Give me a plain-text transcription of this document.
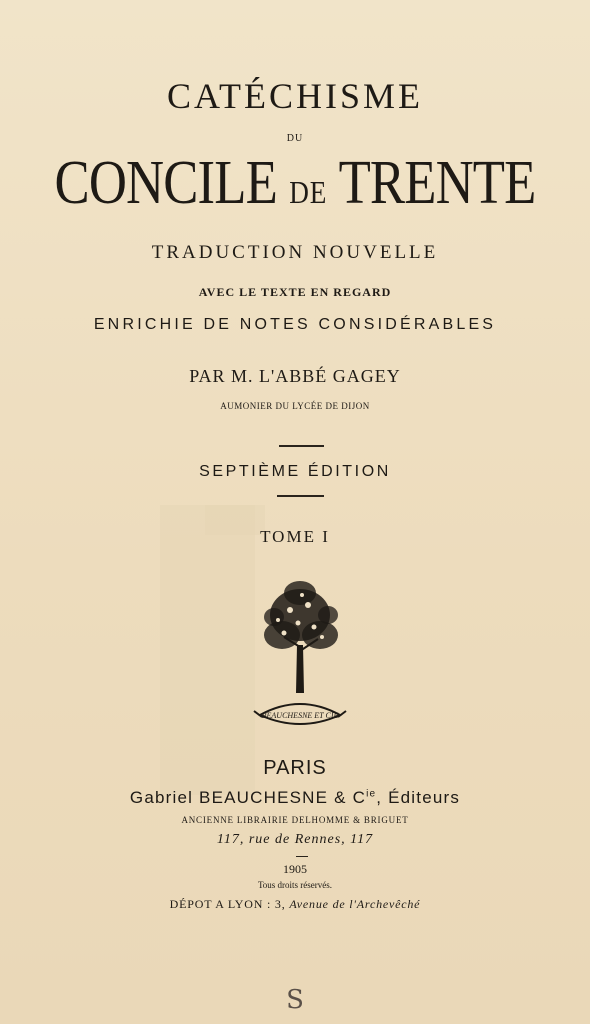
CATÉCHISME
DU
CONCILE DE TRENTE
TRADUCTION NOUVELLE
AVEC LE TEXTE EN REGARD
ENRICHIE DE NOTES CONSIDÉRABLES
PAR M. L'ABBÉ GAGEY
AUMONIER DU LYCÉE DE DIJON
SEPTIÈME ÉDITION
TOME I
BEAUCHESNE ET CIE
PARIS
Gabriel BEAUCHESNE & $C^{ie}$, Éditeurs
ANCIENNE LIBRAIRIE DELHOMME & BRIGUET
117, rue de Rennes, 117
1905
Tous droits réservés.
DÉPOT A LYON : 3, Avenue de l'Archevêché
S
